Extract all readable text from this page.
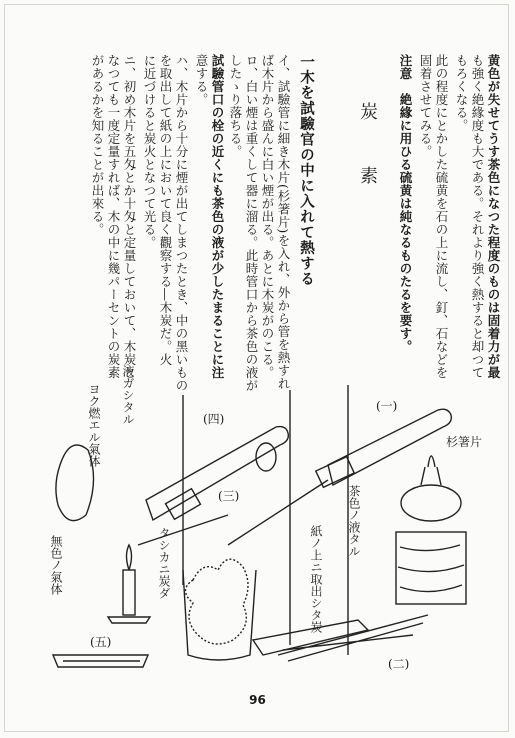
黄色が失せてうす茶色になつた程度のものは固着力が最
も強く絶緣度も大である。それより強く熱すると却つて
もろくなる。
此の程度にとかした硫黄を石の上に流し、釘、石などを
固着させてみる。
注意　絶緣に用ひる硫黄は純なるものたるを要す。
炭　素
一木を試驗官の中に入れて熱する
イ、試驗管に細き木片(杉箸片)を入れ、外から管を熱すれ
ば木片から盛んに白い煙が出る。あとに木炭がのこる。
ロ、白い煙は重くして器に溜る。此時管口から茶色の液が
したゝり落ちる。
試驗管口の栓の近くにも茶色の液が少したまることに注
意する。
ハ、木片から十分に煙が出てしまつたとき、中の黑いもの
を取出して紙の上において良く觀察する―木炭だ。火
に近づけると炭火となつて光る。
ニ、初め木片を五匁とか十匁と定量しておいて、木炭と
なつても一度定量すれば、木の中に幾パーセントの炭素
があるかを知ることが出來る。
(一)
(二)
(三)
(四)
(五)
杉箸片
茶色ノ液タル
紙ノ上ニ取出シタ炭
タシカニ炭ダ
液ガシタル
ヨク燃エル氣体
無色ノ氣体
96
